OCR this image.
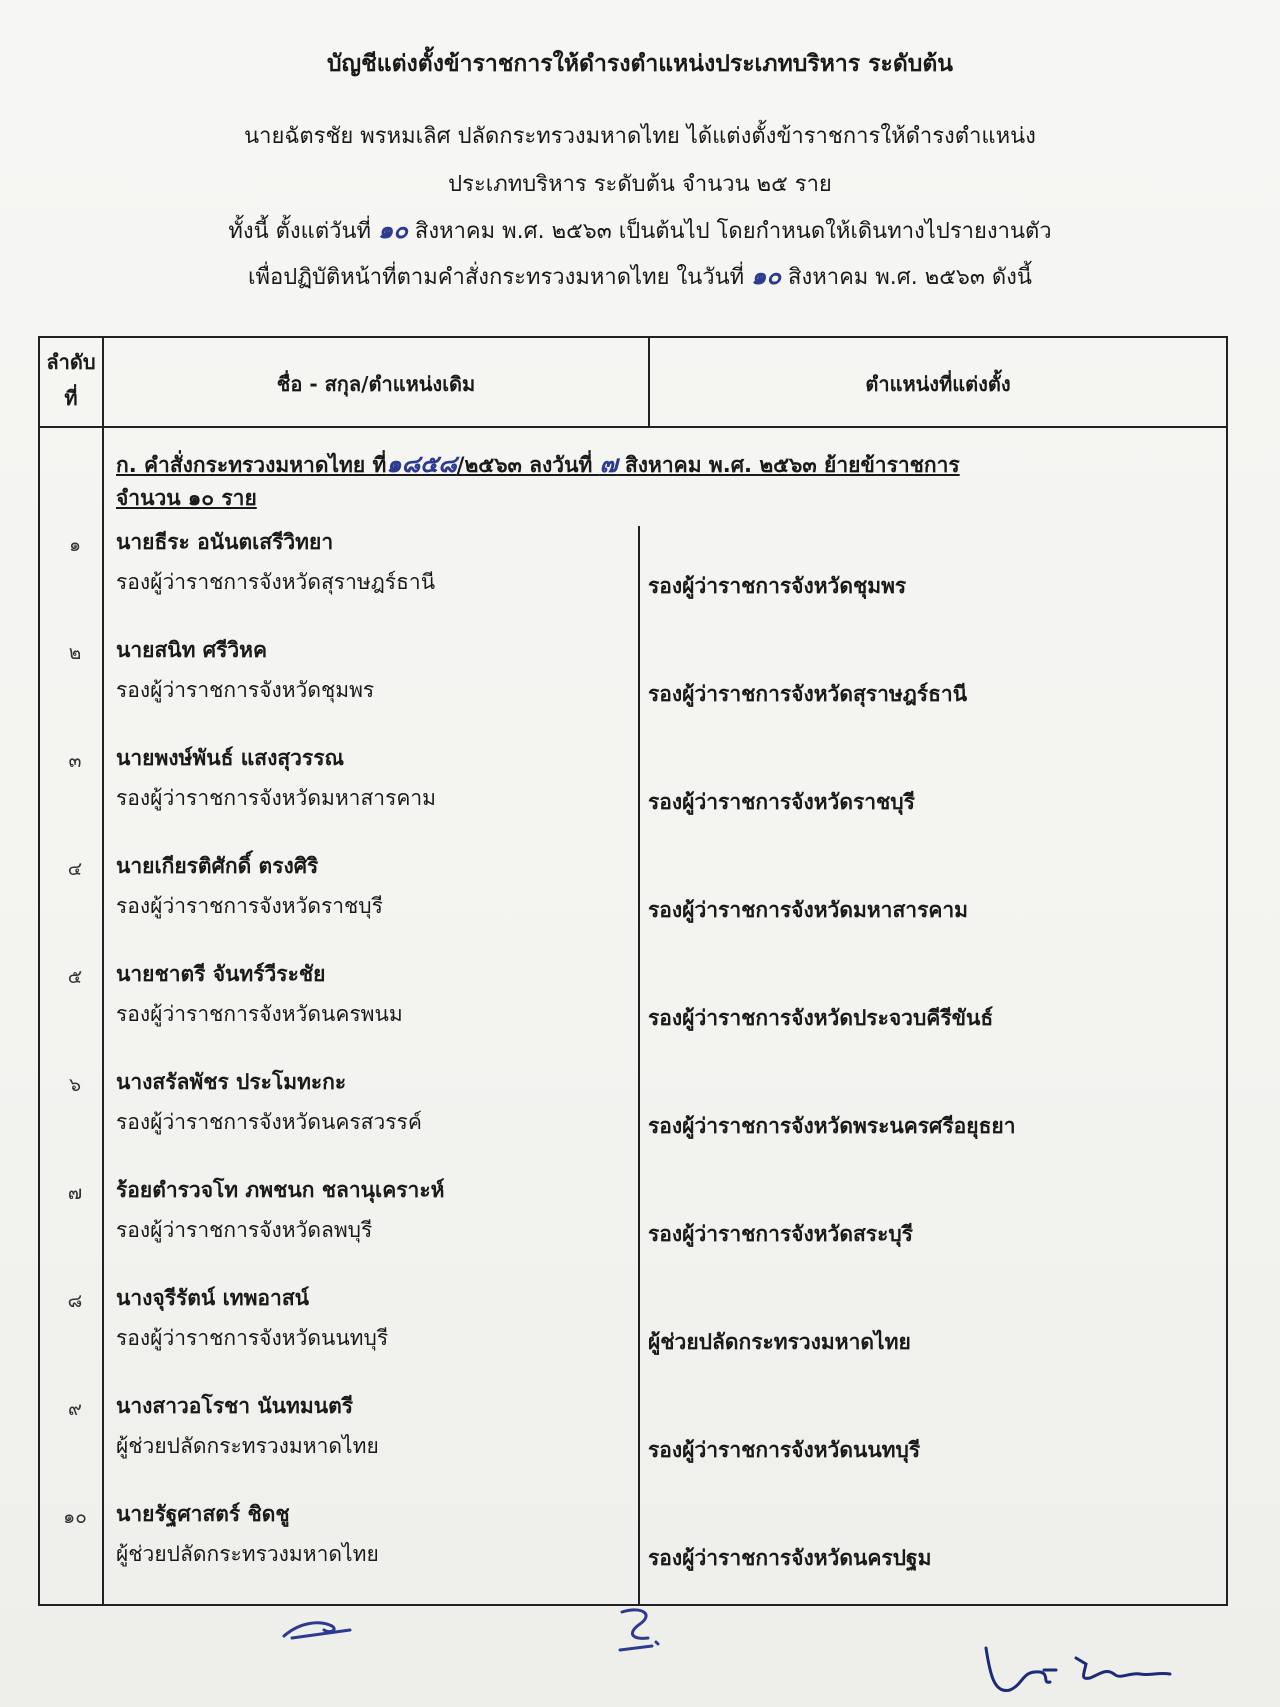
บัญชีแต่งตั้งข้าราชการให้ดำรงตำแหน่งประเภทบริหาร ระดับต้น
นายฉัตรชัย พรหมเลิศ ปลัดกระทรวงมหาดไทย ได้แต่งตั้งข้าราชการให้ดำรงตำแหน่ง
ประเภทบริหาร ระดับต้น จำนวน ๒๕ ราย
ทั้งนี้ ตั้งแต่วันที่ ๑๐ สิงหาคม พ.ศ. ๒๕๖๓ เป็นต้นไป โดยกำหนดให้เดินทางไปรายงานตัว
เพื่อปฏิบัติหน้าที่ตามคำสั่งกระทรวงมหาดไทย ในวันที่ ๑๐ สิงหาคม พ.ศ. ๒๕๖๓ ดังนี้
ลำดับ
ที่
ชื่อ - สกุล/ตำแหน่งเดิม	ตำแหน่งที่แต่งตั้ง
ก. คำสั่งกระทรวงมหาดไทย ที่๑๘๕๘/๒๕๖๓ ลงวันที่ ๗ สิงหาคม พ.ศ. ๒๕๖๓ ย้ายข้าราชการ
จำนวน ๑๐ ราย
๑	นายธีระ อนันตเสรีวิทยา
รองผู้ว่าราชการจังหวัดสุราษฎร์ธานี	รองผู้ว่าราชการจังหวัดชุมพร
๒	นายสนิท ศรีวิหค
รองผู้ว่าราชการจังหวัดชุมพร	รองผู้ว่าราชการจังหวัดสุราษฎร์ธานี
๓	นายพงษ์พันธ์ แสงสุวรรณ
รองผู้ว่าราชการจังหวัดมหาสารคาม	รองผู้ว่าราชการจังหวัดราชบุรี
๔	นายเกียรติศักดิ์ ตรงศิริ
รองผู้ว่าราชการจังหวัดราชบุรี	รองผู้ว่าราชการจังหวัดมหาสารคาม
๕	นายชาตรี จันทร์วีระชัย
รองผู้ว่าราชการจังหวัดนครพนม	รองผู้ว่าราชการจังหวัดประจวบคีรีขันธ์
๖	นางสรัลพัชร ประโมทะกะ
รองผู้ว่าราชการจังหวัดนครสวรรค์	รองผู้ว่าราชการจังหวัดพระนครศรีอยุธยา
๗	ร้อยตำรวจโท ภพชนก ชลานุเคราะห์
รองผู้ว่าราชการจังหวัดลพบุรี	รองผู้ว่าราชการจังหวัดสระบุรี
๘	นางจุรีรัตน์ เทพอาสน์
รองผู้ว่าราชการจังหวัดนนทบุรี	ผู้ช่วยปลัดกระทรวงมหาดไทย
๙	นางสาวอโรชา นันทมนตรี
ผู้ช่วยปลัดกระทรวงมหาดไทย	รองผู้ว่าราชการจังหวัดนนทบุรี
๑๐	นายรัฐศาสตร์ ชิดชู
ผู้ช่วยปลัดกระทรวงมหาดไทย	รองผู้ว่าราชการจังหวัดนครปฐม
